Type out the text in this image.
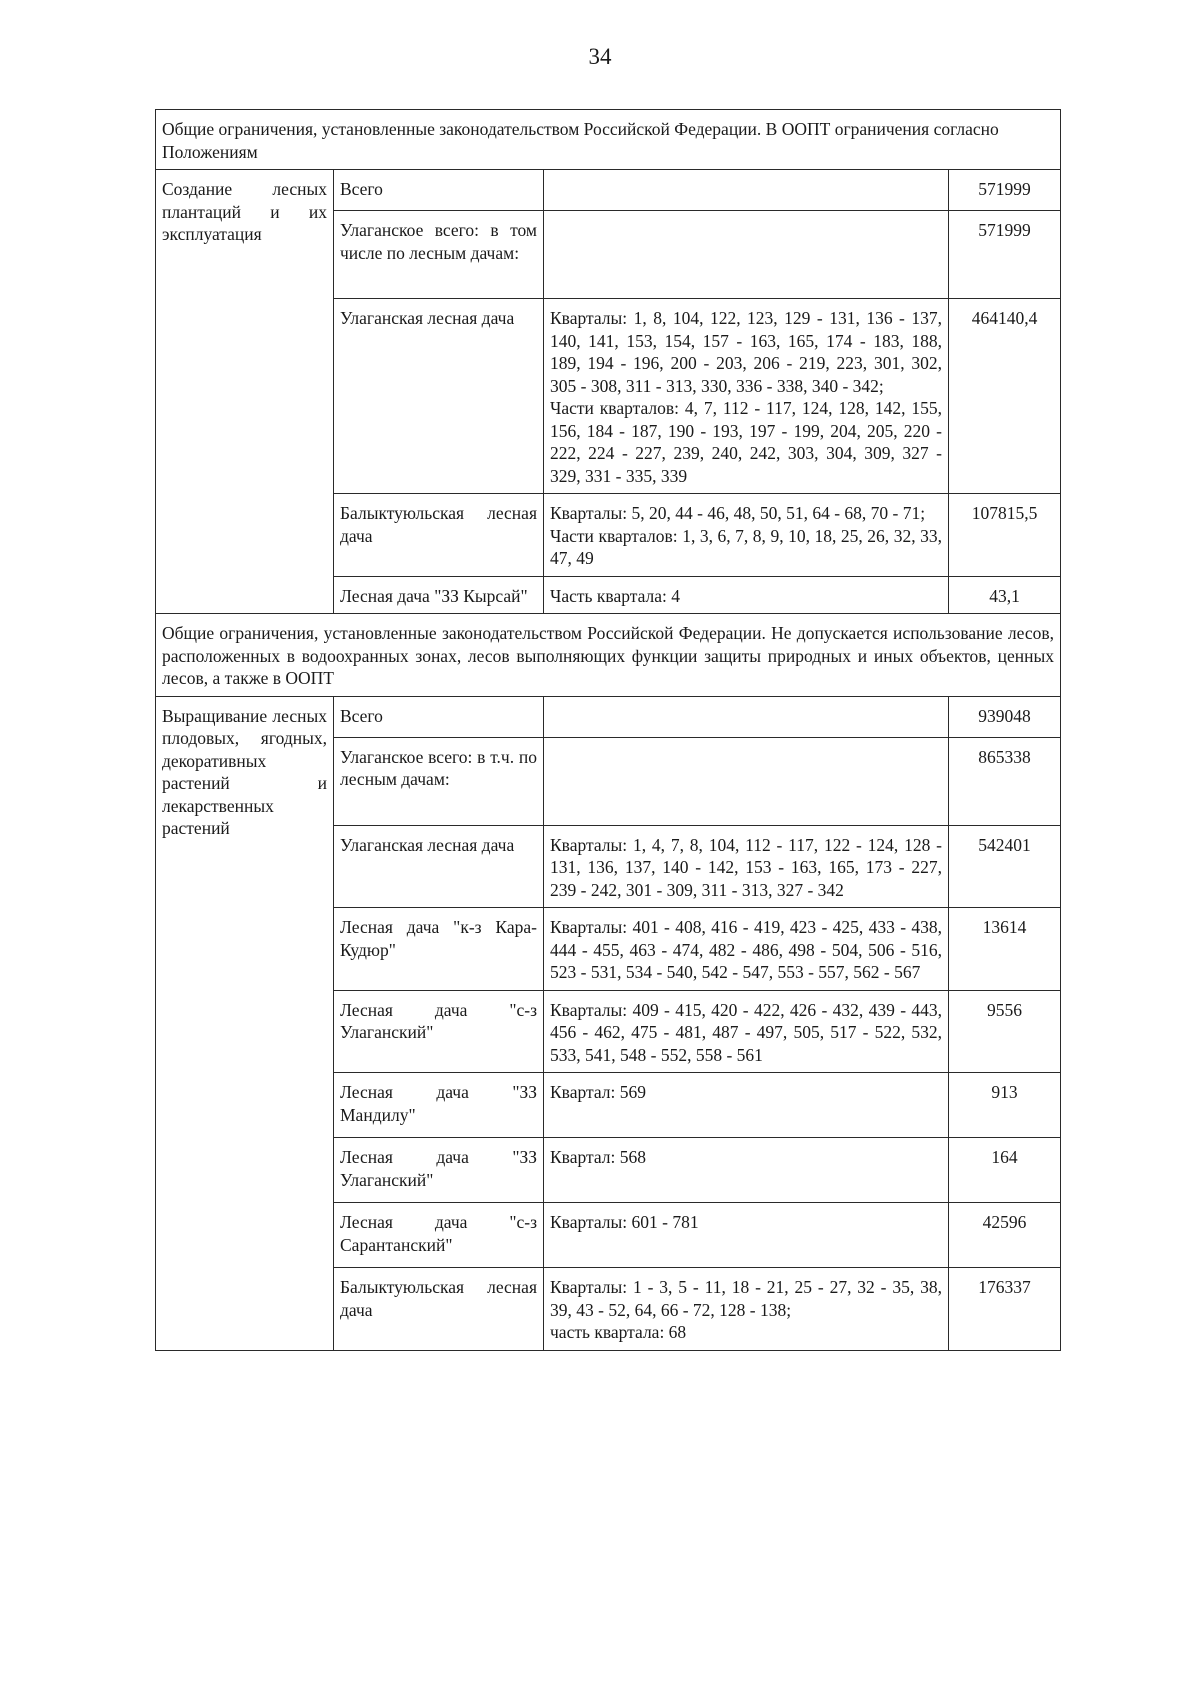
34
Общие ограничения, установленные законодательством Российской Федерации. В ООПТ ограничения согласно Положениям			
Создание лесных плантаций и их эксплуатация	Всего		571999
	Улаганское всего: в том числе по лесным дачам:		571999
	Улаганская лесная дача	Кварталы: 1, 8, 104, 122, 123, 129 - 131, 136 - 137, 140, 141, 153, 154, 157 - 163, 165, 174 - 183, 188, 189, 194 - 196, 200 - 203, 206 - 219, 223, 301, 302, 305 - 308, 311 - 313, 330, 336 - 338, 340 - 342;
Части кварталов: 4, 7, 112 - 117, 124, 128, 142, 155, 156, 184 - 187, 190 - 193, 197 - 199, 204, 205, 220 - 222, 224 - 227, 239, 240, 242, 303, 304, 309, 327 - 329, 331 - 335, 339	464140,4
	Балыктуюльская лесная дача	Кварталы: 5, 20, 44 - 46, 48, 50, 51, 64 - 68, 70 - 71;
Части кварталов: 1, 3, 6, 7, 8, 9, 10, 18, 25, 26, 32, 33, 47, 49	107815,5
	Лесная дача "ЗЗ Кырсай"	Часть квартала: 4	43,1
Общие ограничения, установленные законодательством Российской Федерации. Не допускается использование лесов, расположенных в водоохранных зонах, лесов выполняющих функции защиты природных и иных объектов, ценных лесов, а также в ООПТ			
Выращивание лесных плодовых, ягодных, декоративных растений и лекарственных растений	Всего		939048
	Улаганское всего: в т.ч. по лесным дачам:		865338
	Улаганская лесная дача	Кварталы: 1, 4, 7, 8, 104, 112 - 117, 122 - 124, 128 - 131, 136, 137, 140 - 142, 153 - 163, 165, 173 - 227, 239 - 242, 301 - 309, 311 - 313, 327 - 342	542401
	Лесная дача "к-з Кара-Кудюр"	Кварталы: 401 - 408, 416 - 419, 423 - 425, 433 - 438, 444 - 455, 463 - 474, 482 - 486, 498 - 504, 506 - 516, 523 - 531, 534 - 540, 542 - 547, 553 - 557, 562 - 567	13614
	Лесная дача "с-з Улаганский"	Кварталы: 409 - 415, 420 - 422, 426 - 432, 439 - 443, 456 - 462, 475 - 481, 487 - 497, 505, 517 - 522, 532, 533, 541, 548 - 552, 558 - 561	9556
	Лесная дача "ЗЗ Мандилу"	Квартал: 569	913
	Лесная дача "ЗЗ Улаганский"	Квартал: 568	164
	Лесная дача "с-з Сарантанский"	Кварталы: 601 - 781	42596
	Балыктуюльская лесная дача	Кварталы: 1 - 3, 5 - 11, 18 - 21, 25 - 27, 32 - 35, 38, 39, 43 - 52, 64, 66 - 72, 128 - 138;
часть квартала: 68	176337
